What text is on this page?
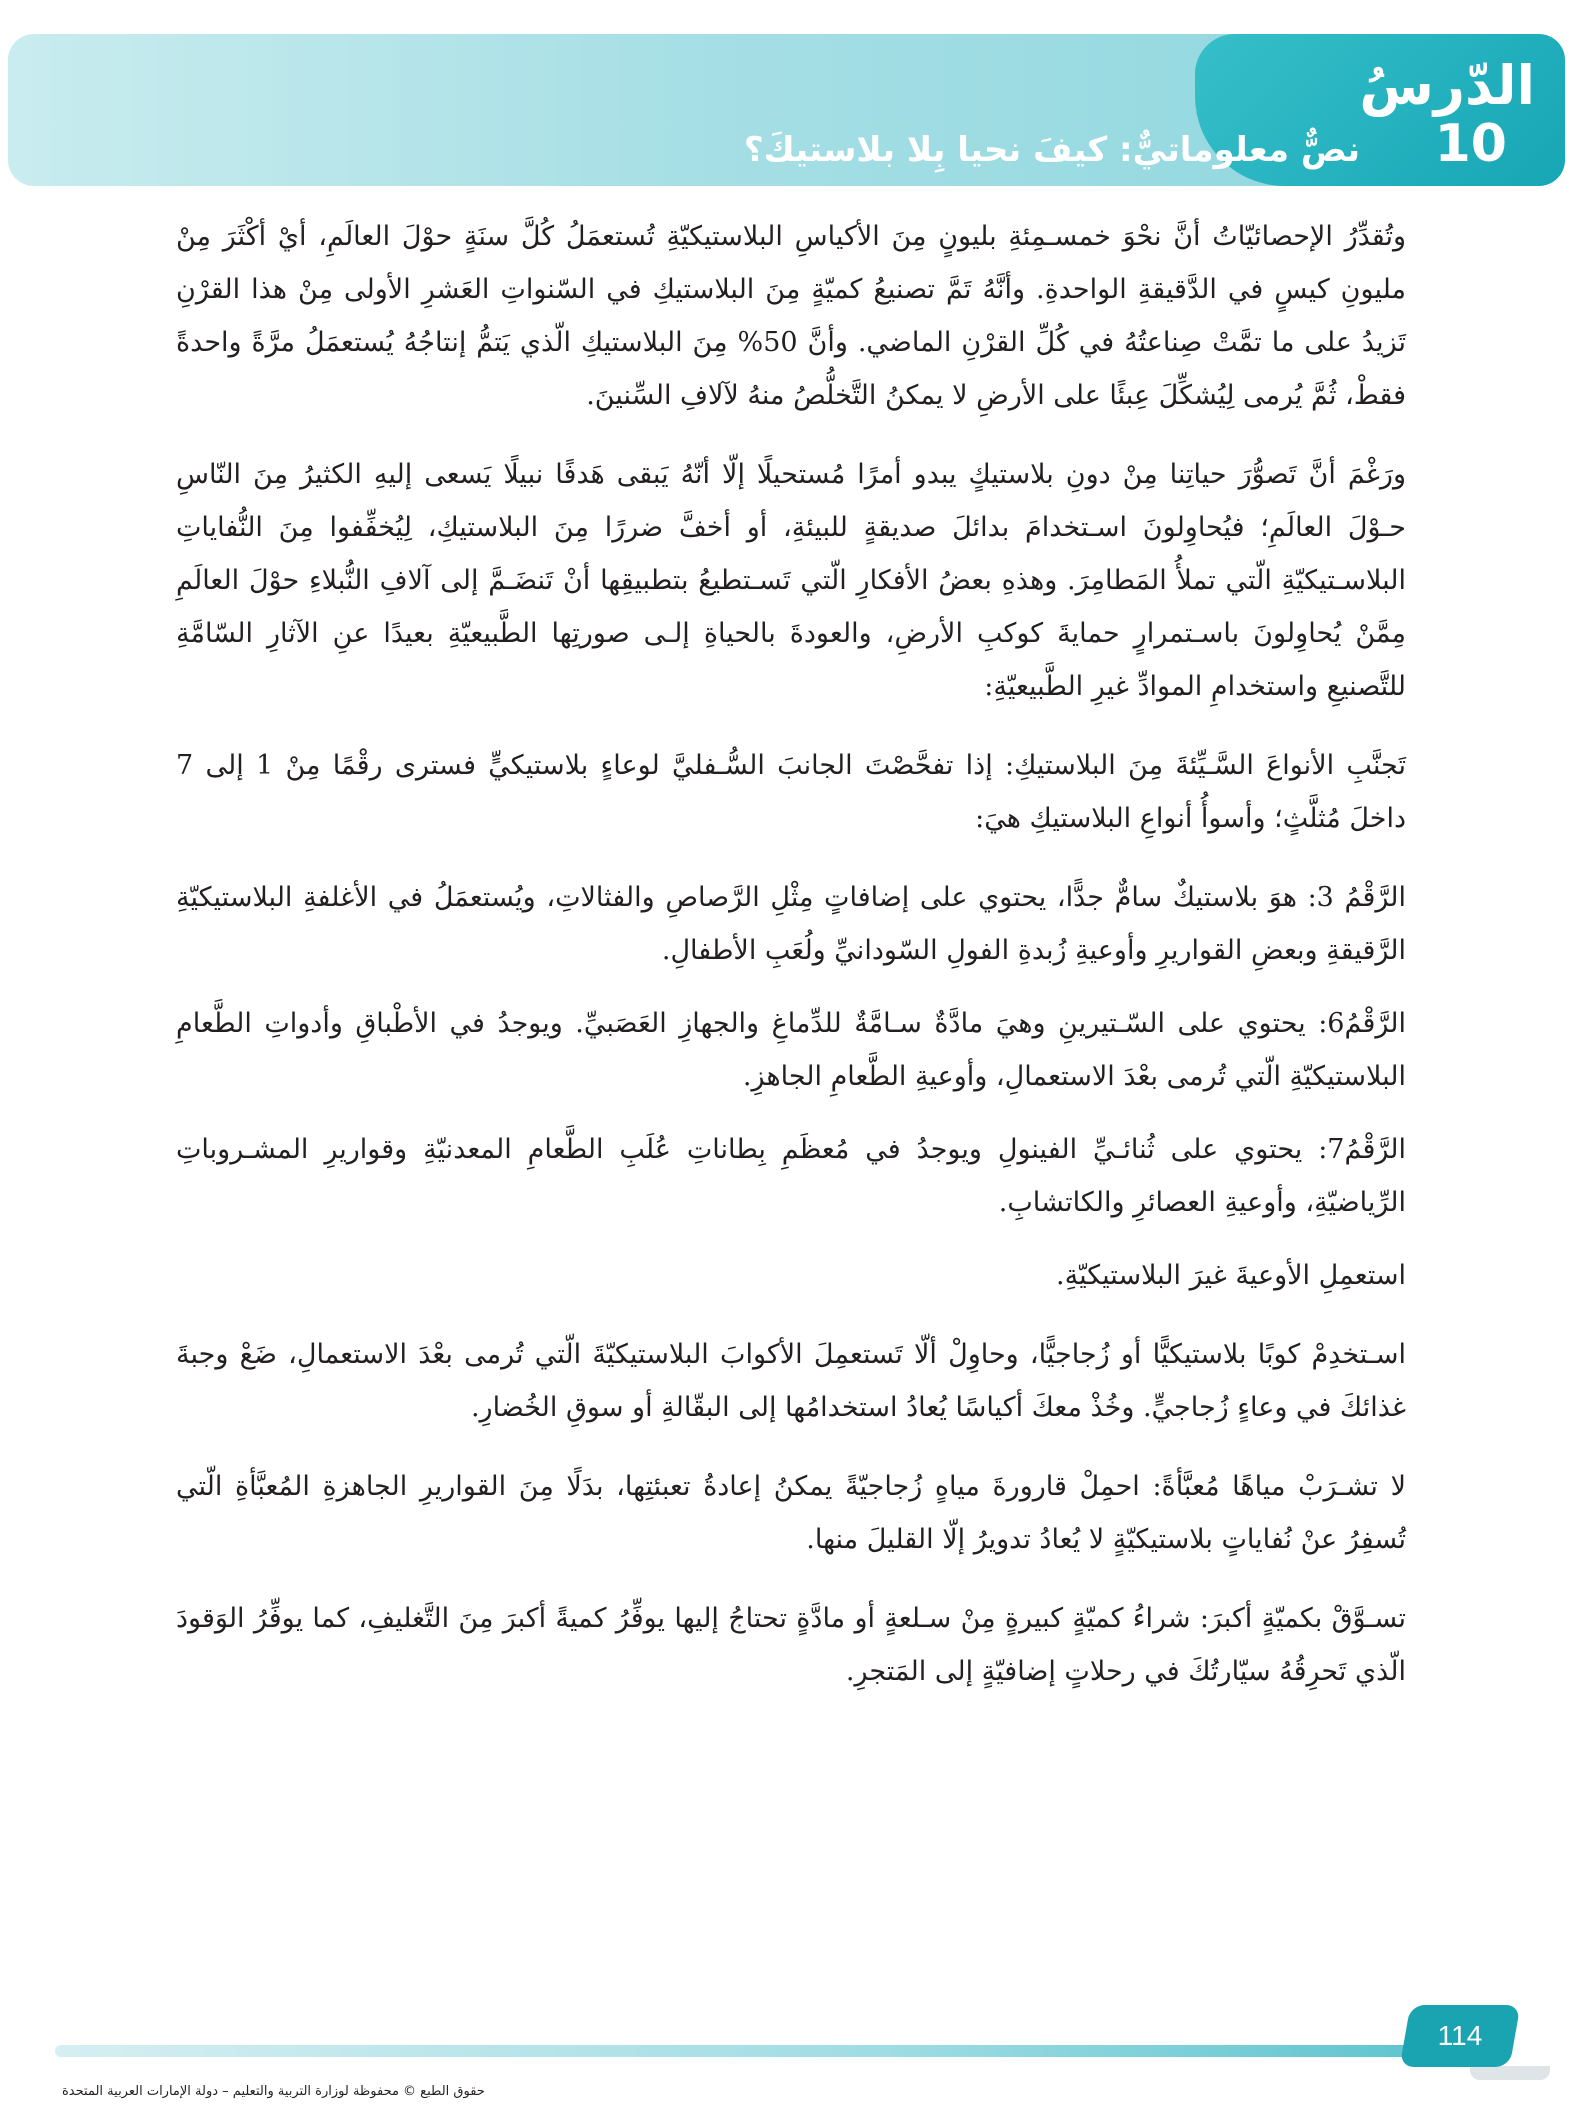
الدّرسُ
10
نصٌّ معلوماتيٌّ: كيفَ نحيا بِلا بلاستيكَ؟

وتُقدِّرُ الإحصائيّاتُ أنَّ نحْوَ خمسـمِئةِ بليونٍ مِنَ الأكياسِ البلاستيكيّةِ تُستعمَلُ كُلَّ سنَةٍ حوْلَ العالَمِ، أيْ أكْثَرَ مِنْ مليونِ كيسٍ في الدَّقيقةِ الواحدةِ. وأنَّهُ تَمَّ تصنيعُ كميّةٍ مِنَ البلاستيكِ في السّنواتِ العَشرِ الأولى مِنْ هذا القرْنِ تَزيدُ على ما تمَّتْ صِناعتُهُ في كُلِّ القرْنِ الماضي. وأنَّ 50% مِنَ البلاستيكِ الّذي يَتمُّ إنتاجُهُ يُستعمَلُ مرَّةً واحدةً فقطْ، ثُمَّ يُرمى لِيُشكِّلَ عِبئًا على الأرضِ لا يمكنُ التَّخلُّصُ منهُ لآلافِ السِّنينَ.

ورَغْمَ أنَّ تَصوُّرَ حياتِنا مِنْ دونِ بلاستيكٍ يبدو أمرًا مُستحيلًا إلّا أنّهُ يَبقى هَدفًا نبيلًا يَسعى إليهِ الكثيرُ مِنَ النّاسِ حـوْلَ العالَمِ؛ فيُحاوِلونَ اسـتخدامَ بدائلَ صديقةٍ للبيئةِ، أو أخفَّ ضررًا مِنَ البلاستيكِ، لِيُخفِّفوا مِنَ النُّفاياتِ البلاسـتيكيّةِ الّتي تملأُ المَطامِرَ. وهذهِ بعضُ الأفكارِ الّتي تَسـتطيعُ بتطبيقِها أنْ تَنضَـمَّ إلى آلافِ النُّبلاءِ حوْلَ العالَمِ مِمَّنْ يُحاوِلونَ باسـتمرارٍ حمايةَ كوكبِ الأرضِ، والعودةَ بالحياةِ إلـى صورتِها الطَّبيعيّةِ بعيدًا عنِ الآثارِ السّامَّةِ للتَّصنيعِ واستخدامِ الموادِّ غيرِ الطَّبيعيّةِ:

تَجنَّبِ الأنواعَ السَّـيِّئةَ مِنَ البلاستيكِ: إذا تفحَّصْتَ الجانبَ السُّـفليَّ لوعاءٍ بلاستيكيٍّ فسترى رقْمًا مِنْ 1 إلى 7 داخلَ مُثلَّثٍ؛ وأسوأُ أنواعِ البلاستيكِ هيَ:

الرَّقْمُ 3: هوَ بلاستيكٌ سامٌّ جدًّا، يحتوي على إضافاتٍ مِثْلِ الرَّصاصِ والفثالاتِ، ويُستعمَلُ في الأغلفةِ البلاستيكيّةِ الرَّقيقةِ وبعضِ القواريرِ وأوعيةِ زُبدةِ الفولِ السّودانيِّ ولُعَبِ الأطفالِ.

الرَّقْمُ6: يحتوي على السّـتيرينِ وهيَ مادَّةٌ سـامَّةٌ للدِّماغِ والجهازِ العَصَبيِّ. ويوجدُ في الأطْباقِ وأدواتِ الطَّعامِ البلاستيكيّةِ الّتي تُرمى بعْدَ الاستعمالِ، وأوعيةِ الطَّعامِ الجاهزِ.

الرَّقْمُ7: يحتوي على ثُنائـيِّ الفينولِ ويوجدُ في مُعظَمِ بِطاناتِ عُلَبِ الطَّعامِ المعدنيّةِ وقواريرِ المشـروباتِ الرِّياضيّةِ، وأوعيةِ العصائرِ والكاتشابِ.

استعمِلِ الأوعيةَ غيرَ البلاستيكيّةِ.

اسـتخدِمْ كوبًا بلاستيكيًّا أو زُجاجيًّا، وحاوِلْ ألّا تَستعمِلَ الأكوابَ البلاستيكيّةَ الّتي تُرمى بعْدَ الاستعمالِ، ضَعْ وجبةَ غذائكَ في وعاءٍ زُجاجيٍّ. وخُذْ معكَ أكياسًا يُعادُ استخدامُها إلى البقّالةِ أو سوقِ الخُضارِ.

لا تشـرَبْ مياهًا مُعبَّأةً: احمِلْ قارورةَ مياهٍ زُجاجيّةً يمكنُ إعادةُ تعبئتِها، بدَلًا مِنَ القواريرِ الجاهزةِ المُعبَّأةِ الّتي تُسفِرُ عنْ نُفاياتٍ بلاستيكيّةٍ لا يُعادُ تدويرُ إلّا القليلَ منها.

تسـوَّقْ بكميّةٍ أكبرَ: شراءُ كميّةٍ كبيرةٍ مِنْ سـلعةٍ أو مادَّةٍ تحتاجُ إليها يوفِّرُ كميةً أكبرَ مِنَ التَّغليفِ، كما يوفِّرُ الوَقودَ الّذي تَحرِقُهُ سيّارتُكَ في رحلاتٍ إضافيّةٍ إلى المَتجرِ.

114
حقوق الطبع © محفوظة لوزارة التربية والتعليم – دولة الإمارات العربية المتحدة
